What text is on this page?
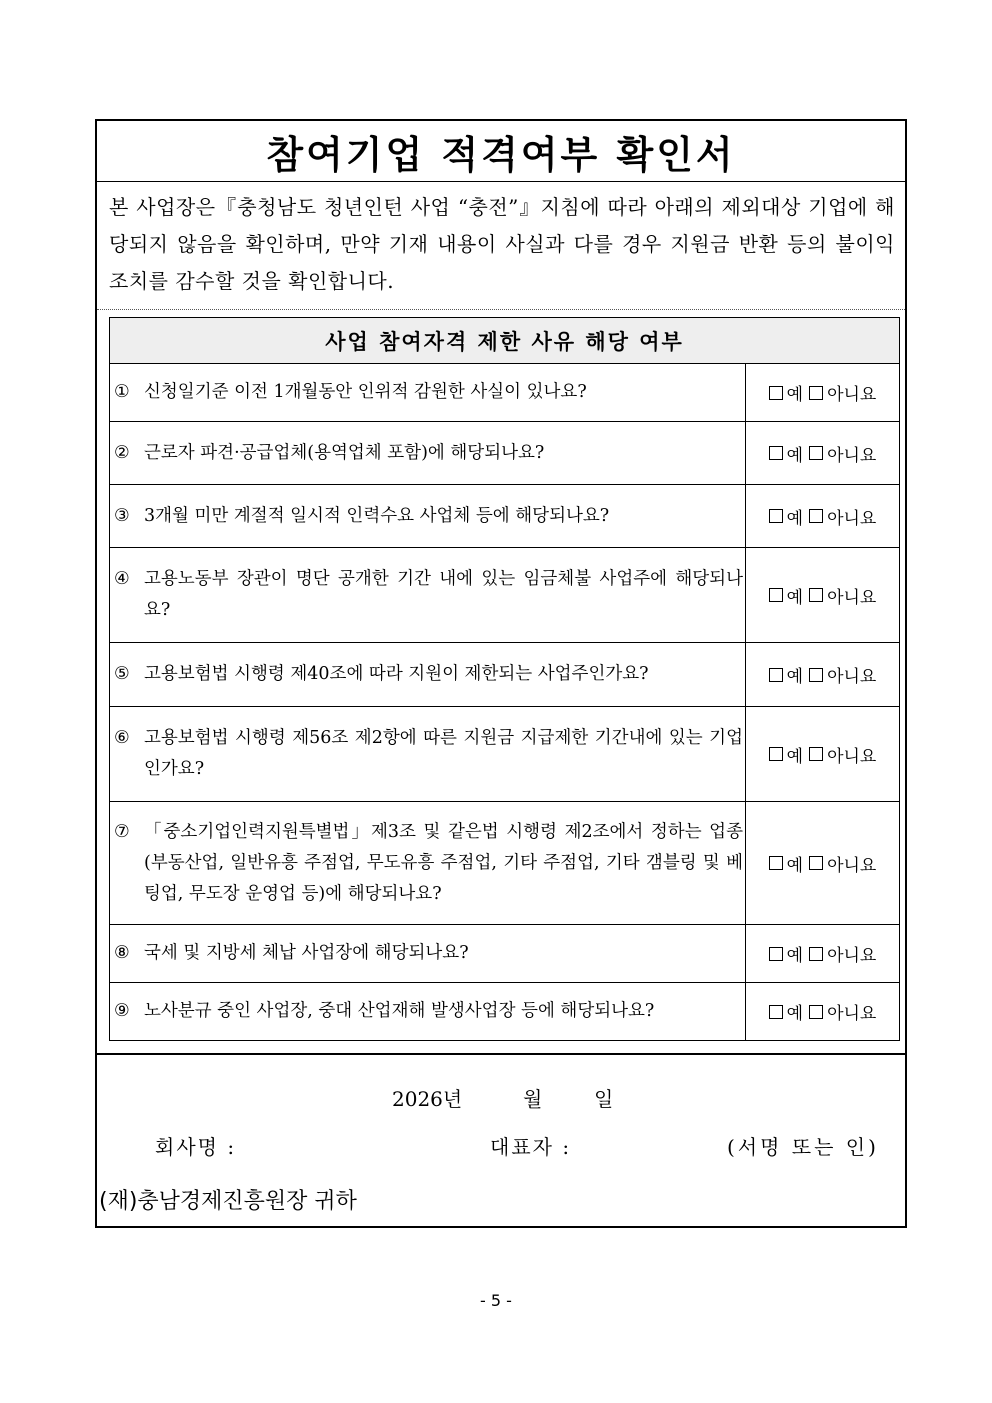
참여기업 적격여부 확인서
본 사업장은『충청남도 청년인턴 사업 “충전”』지침에 따라 아래의 제외대상 기업에 해당되지 않음을 확인하며, 만약 기재 내용이 사실과 다를 경우 지원금 반환 등의 불이익 조치를 감수할 것을 확인합니다.
사업 참여자격 제한 사유 해당 여부	

① 신청일기준 이전 1개월동안 인위적 감원한 사실이 있나요?	예 아니요

② 근로자 파견·공급업체(용역업체 포함)에 해당되나요?	예 아니요

③ 3개월 미만 계절적 일시적 인력수요 사업체 등에 해당되나요?	예 아니요

④ 고용노동부 장관이 명단 공개한 기간 내에 있는 임금체불 사업주에 해당되나요?	예 아니요

⑤ 고용보험법 시행령 제40조에 따라 지원이 제한되는 사업주인가요?	예 아니요

⑥ 고용보험법 시행령 제56조 제2항에 따른 지원금 지급제한 기간내에 있는 기업인가요?	예 아니요

⑦ 「중소기업인력지원특별법」제3조 및 같은법 시행령 제2조에서 정하는 업종(부동산업, 일반유흥 주점업, 무도유흥 주점업, 기타 주점업, 기타 갬블링 및 베팅업, 무도장 운영업 등)에 해당되나요?	예 아니요

⑧ 국세 및 지방세 체납 사업장에 해당되나요?	예 아니요

⑨ 노사분규 중인 사업장, 중대 산업재해 발생사업장 등에 해당되나요?	예 아니요
2026년	월	일
회사명 :	대표자 :	(서명 또는 인)
(재)충남경제진흥원장 귀하
- 5 -
